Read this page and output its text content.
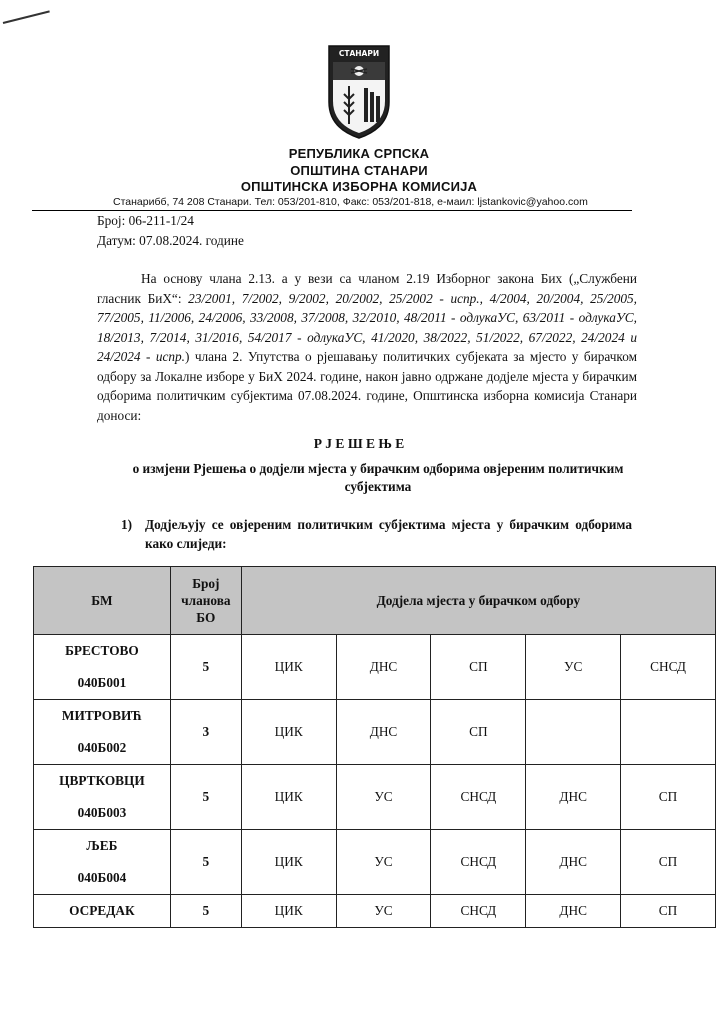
СТАНАРИ
РЕПУБЛИКА СРПСКА
ОПШТИНА СТАНАРИ
ОПШТИНСКА ИЗБОРНА КОМИСИЈА
Станарибб, 74 208 Станари. Тел: 053/201-810, Факс: 053/201-818, е-маил: ljstankovic@yahoo.com
Број: 06-211-1/24
Датум: 07.08.2024. године

На основу члана 2.13. а у вези са чланом 2.19 Изборног закона Бих („Службени гласник БиХ“: 23/2001, 7/2002, 9/2002, 20/2002, 25/2002 - испр., 4/2004, 20/2004, 25/2005, 77/2005, 11/2006, 24/2006, 33/2008, 37/2008, 32/2010, 48/2011 - одлукаУС, 63/2011 - одлукаУС, 18/2013, 7/2014, 31/2016, 54/2017 - одлукаУС, 41/2020, 38/2022, 51/2022, 67/2022, 24/2024 и 24/2024 - испр.) члана 2. Упутства о рјешавању политичких субјеката за мјесто у бирачком одбору за Локалне изборе у БиХ 2024. године, након јавно одржане додјеле мјеста у бирачким одборима политичким субјектима 07.08.2024. године, Општинска изборна комисија Станари доноси:

Р Ј Е Ш Е Њ Е
о измјени Рјешења о додјели мјеста у бирачким одборима овјереним политичким субјектима
1) Додјељују се овјереним политичким субјектима мјеста у бирачким одборима како слиједи:
БМ	Број чланова БО	Додјела мјеста у бирачком одбору				

БРЕСТОВО
040Б001	5	ЦИК	ДНС	СП	УС	СНСД

МИТРОВИЋ
040Б002	3	ЦИК	ДНС	СП		

ЦВРТКОВЦИ
040Б003	5	ЦИК	УС	СНСД	ДНС	СП

ЉЕБ
040Б004	5	ЦИК	УС	СНСД	ДНС	СП

ОСРЕДАК	5	ЦИК	УС	СНСД	ДНС	СП
